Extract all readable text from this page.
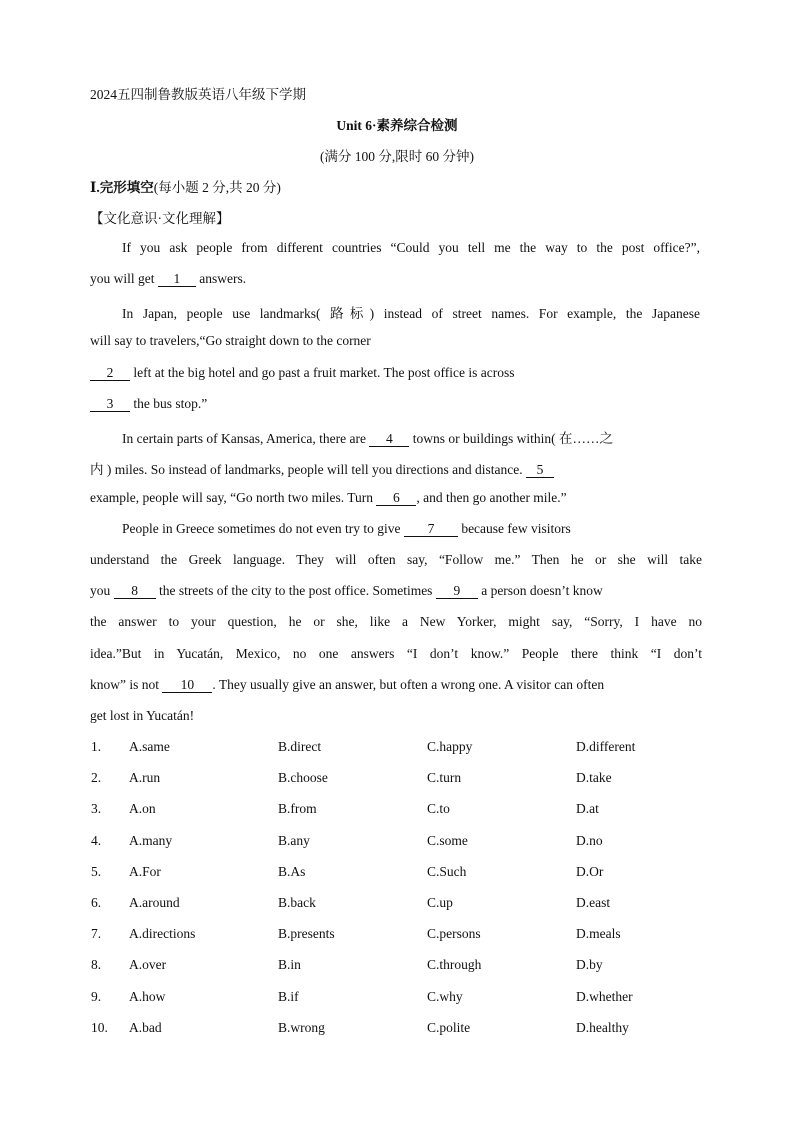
2024五四制鲁教版英语八年级下学期
Unit 6·素养综合检测
(满分 100 分,限时 60 分钟)
Ⅰ.完形填空(每小题 2 分,共 20 分)
【文化意识·文化理解】
If you ask people from different countries “Could you tell me the way to the post office?”,
you will get 1 answers.
In Japan, people use landmarks( 路标) instead of street names. For example, the Japanese
will say to travelers,“Go straight down to the corner
2 left at the big hotel and go past a fruit market. The post office is across
3 the bus stop.”
In certain parts of Kansas, America, there are 4 towns or buildings within( 在……之
内 ) miles. So instead of landmarks, people will tell you directions and distance. 5
example, people will say, “Go north two miles. Turn 6 , and then go another mile.”
People in Greece sometimes do not even try to give 7 because few visitors
understand the Greek language. They will often say, “Follow me.” Then he or she will take
you 8 the streets of the city to the post office. Sometimes 9 a person doesn’t know
the answer to your question, he or she, like a New Yorker, might say, “Sorry, I have no
idea.”But in Yucatán, Mexico, no one answers “I don’t know.” People there think “I don’t
know” is not 10 . They usually give an answer, but often a wrong one. A visitor can often
get lost in Yucatán!
1. A.same	B.direct	C.happy	D.different
2. A.run	B.choose	C.turn	D.take
3. A.on	B.from	C.to	D.at
4. A.many	B.any	C.some	D.no
5. A.For	B.As	C.Such	D.Or
6. A.around	B.back	C.up	D.east
7. A.directions	B.presents	C.persons	D.meals
8. A.over	B.in	C.through	D.by
9. A.how	B.if	C.why	D.whether
10. A.bad	B.wrong	C.polite	D.healthy
